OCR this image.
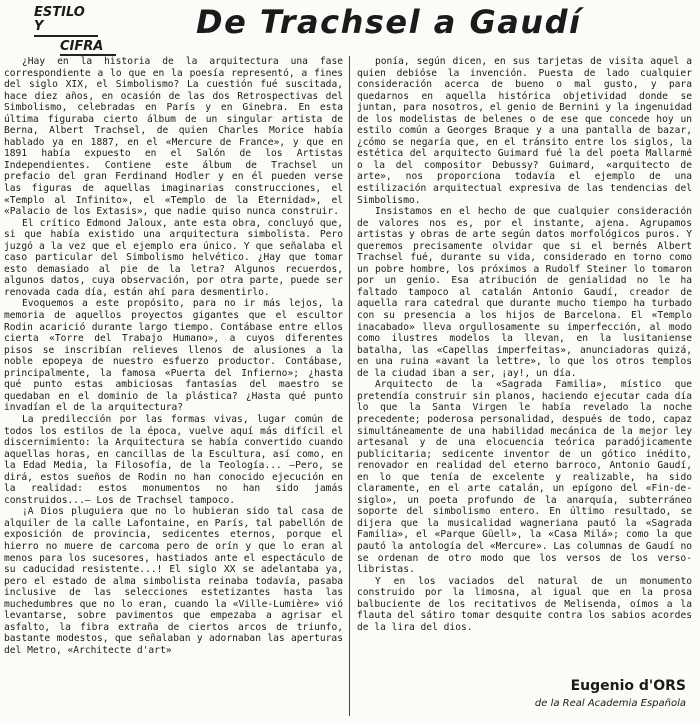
ESTILO Y
CIFRA
De Trachsel a Gaudí

¿Hay en la historia de la arquitectura una fase correspondiente a lo que en la poesía representó, a fines del siglo XIX, el Simbolismo? La cuestión fué suscitada, hace diez años, en ocasión de las dos Retrospectivas del Simbolismo, celebradas en París y en Ginebra. En esta última figuraba cierto álbum de un singular artista de Berna, Albert Trachsel, de quien Charles Morice había hablado ya en 1887, en el «Mercure de France», y que en 1891 había expuesto en el Salón de los Artistas Independientes. Contiene este álbum de Trachsel un prefacio del gran Ferdinand Hodler y en él pueden verse las figuras de aquellas imaginarias construcciones, el «Templo al Infinito», el «Templo de la Eternidad», el «Palacio de los Extasis», que nadie quiso nunca construir.

El crítico Edmond Jaloux, ante esta obra, concluyó que, si que había existido una arquitectura simbolista. Pero juzgó a la vez que el ejemplo era único. Y que señalaba el caso particular del Simbolismo helvético. ¿Hay que tomar esto demasiado al pie de la letra? Algunos recuerdos, algunos datos, cuya observación, por otra parte, puede ser renovada cada día, están ahí para desmentirlo.

Evoquemos a este propósito, para no ir más lejos, la memoria de aquellos proyectos gigantes que el escultor Rodin acarició durante largo tiempo. Contábase entre ellos cierta «Torre del Trabajo Humano», a cuyos diferentes pisos se inscribían relieves llenos de alusiones a la noble epopeya de nuestro esfuerzo productor. Contábase, principalmente, la famosa «Puerta del Infierno»; ¿hasta qué punto estas ambiciosas fantasías del maestro se quedaban en el dominio de la plástica? ¿Hasta qué punto invadían el de la arquitectura?

La predilección por las formas vivas, lugar común de todos los estilos de la época, vuelve aquí más difícil el discernimiento: la Arquitectura se había convertido cuando aquellas horas, en cancillas de la Escultura, así como, en la Edad Media, la Filosofía, de la Teología... —Pero, se dirá, estos sueños de Rodin no han conocido ejecución en la realidad: estos monumentos no han sido jamás construidos...— Los de Trachsel tampoco.

¡A Dios pluguiera que no lo hubieran sido tal casa de alquiler de la calle Lafontaine, en París, tal pabellón de exposición de provincia, sedicentes eternos, porque el hierro no muere de carcoma pero de orín y que lo eran al menos para los sucesores, hastiados ante el espectáculo de su caducidad resistente...! El siglo XX se adelantaba ya, pero el estado de alma simbolista reinaba todavía, pasaba inclusive de las selecciones estetizantes hasta las muchedumbres que no lo eran, cuando la «Ville-Lumière» vió levantarse, sobre pavimentos que empezaba a agrisar el asfalto, la fibra extraña de ciertos arcos de triunfo, bastante modestos, que señalaban y adornaban las aperturas del Metro, «Architecte d'art»

ponía, según dicen, en sus tarjetas de visita aquel a quien debióse la invención. Puesta de lado cualquier consideración acerca de bueno o mal gusto, y para quedarnos en aquella histórica objetividad donde se juntan, para nosotros, el genio de Bernini y la ingenuidad de los modelistas de belenes o de ese que concede hoy un estilo común a Georges Braque y a una pantalla de bazar, ¿cómo se negaría que, en el tránsito entre los siglos, la estética del arquitecto Guimard fué la del poeta Mallarmé o la del compositor Debussy? Guimard, «arquitecto de arte», nos proporciona todavía el ejemplo de una estilización arquitectual expresiva de las tendencias del Simbolismo.

Insistamos en el hecho de que cualquier consideración de valores nos es, por el instante, ajena. Agrupamos artistas y obras de arte según datos morfológicos puros. Y queremos precisamente olvidar que si el bernés Albert Trachsel fué, durante su vida, considerado en torno como un pobre hombre, los próximos a Rudolf Steiner lo tomaron por un genio. Esa atribución de genialidad no le ha faltado tampoco al catalán Antonio Gaudí, creador de aquella rara catedral que durante mucho tiempo ha turbado con su presencia a los hijos de Barcelona. El «Templo inacabado» lleva orgullosamente su imperfección, al modo como ilustres modelos la llevan, en la lusitaniense batalha, las «Capellas imperfeitas», anunciadoras quizá, en una ruina «avant la lettre», lo que los otros templos de la ciudad iban a ser, ¡ay!, un día.

Arquitecto de la «Sagrada Familia», místico que pretendía construir sin planos, haciendo ejecutar cada día lo que la Santa Virgen le había revelado la noche precedente; poderosa personalidad, después de todo, capaz simultáneamente de una habilidad mecánica de la mejor ley artesanal y de una elocuencia teórica paradójicamente publicitaria; sedicente inventor de un gótico inédito, renovador en realidad del eterno barroco, Antonio Gaudí, en lo que tenía de excelente y realizable, ha sido claramente, en el arte catalán, un epígono del «Fin-de-siglo», un poeta profundo de la anarquía, subterráneo soporte del simbolismo entero. En último resultado, se dijera que la musicalidad wagneriana pautó la «Sagrada Familia», el «Parque Güell», la «Casa Milá»; como la que pautó la antología del «Mercure». Las columnas de Gaudí no se ordenan de otro modo que los versos de los verso-libristas.

Y en los vaciados del natural de un monumento construido por la limosna, al igual que en la prosa balbuciente de los recitativos de Melisenda, oímos a la flauta del sátiro tomar desquite contra los sabios acordes de la lira del dios.

Eugenio d'ORS
de la Real Academia Española
